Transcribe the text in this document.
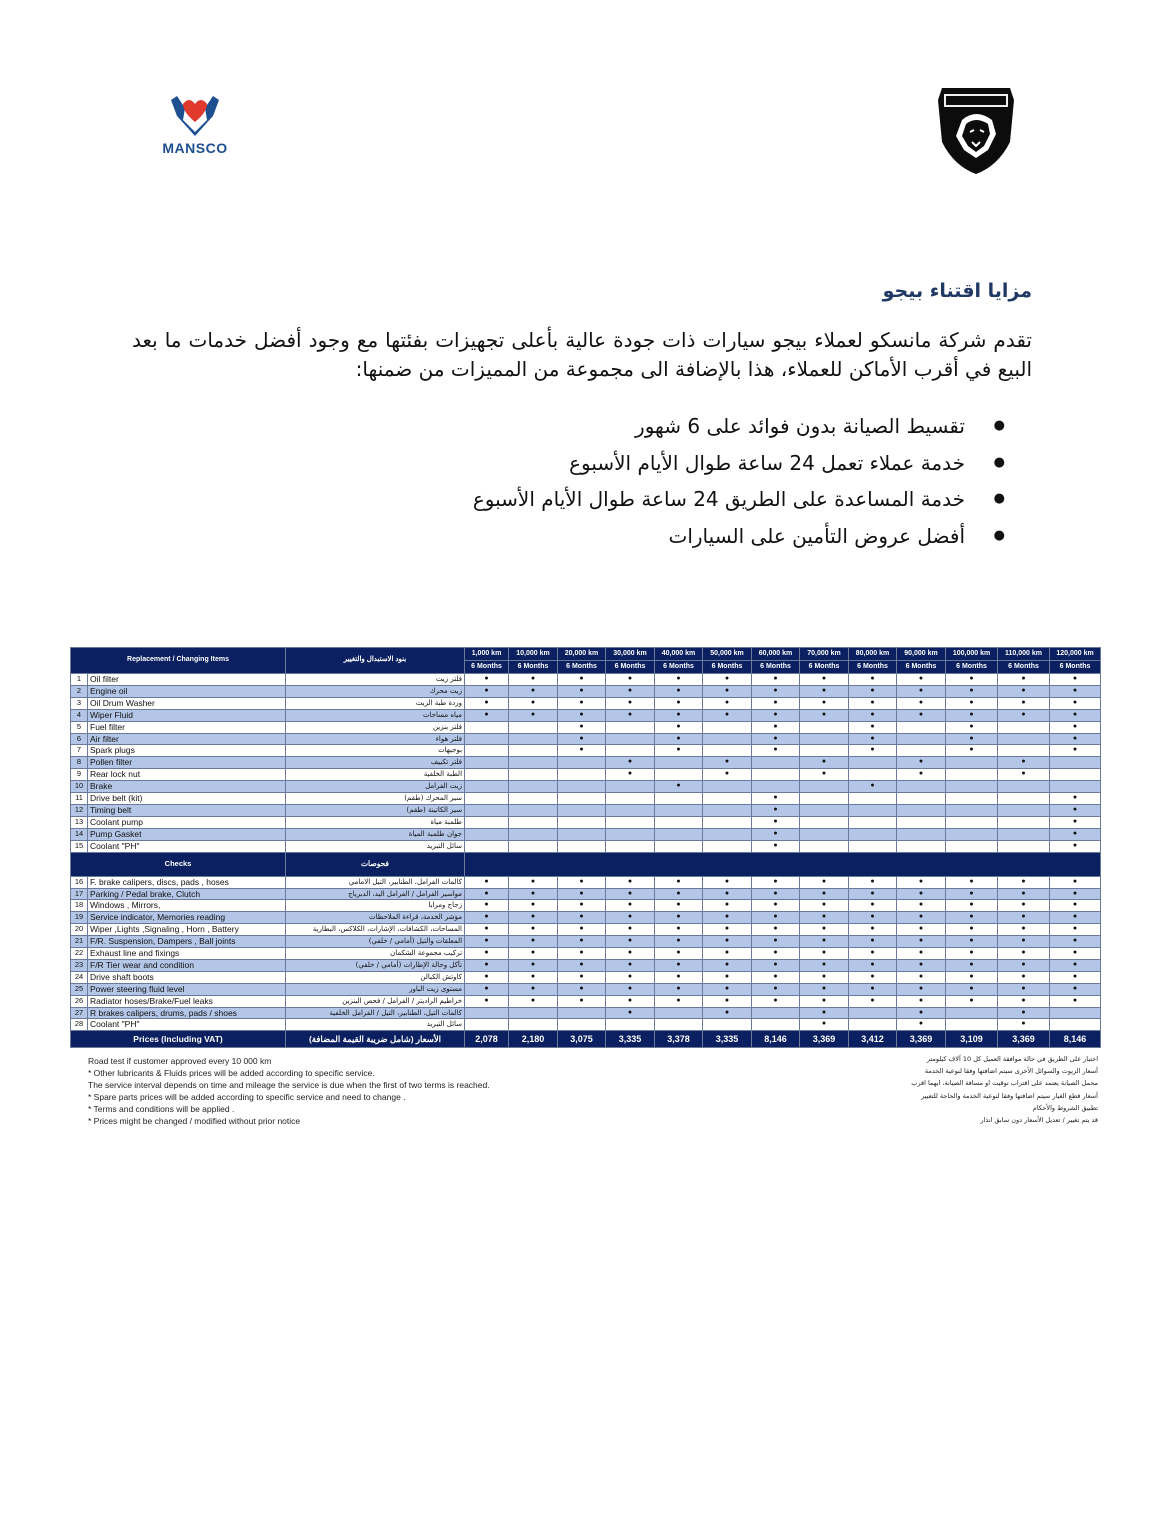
MANSCO
مزايا اقتناء بيجو

تقدم شركة مانسكو لعملاء بيجو سيارات ذات جودة عالية بأعلى تجهيزات بفئتها مع وجود أفضل خدمات ما بعد البيع في أقرب الأماكن للعملاء، هذا بالإضافة الى مجموعة من المميزات من ضمنها:

● تقسيط الصيانة بدون فوائد على 6 شهور
● خدمة عملاء تعمل 24 ساعة طوال الأيام الأسبوع
● خدمة المساعدة على الطريق 24 ساعة طوال الأيام الأسبوع
● أفضل عروض التأمين على السيارات
Replacement / Changing Items		بنود الاستبدال والتغيير	1,000 km	10,000 km	20,000 km	30,000 km	40,000 km	50,000 km	60,000 km	70,000 km	80,000 km	90,000 km	100,000 km	110,000 km	120,000 km
			6 Months	6 Months	6 Months	6 Months	6 Months	6 Months	6 Months	6 Months	6 Months	6 Months	6 Months	6 Months	6 Months
1	Oil filter	فلتر زيت	●	●	●	●	●	●	●	●	●	●	●	●	●
2	Engine oil	زيت محرك	●	●	●	●	●	●	●	●	●	●	●	●	●
3	Oil Drum Washer	وردة طبة الزيت	●	●	●	●	●	●	●	●	●	●	●	●	●
4	Wiper Fluid	مياه مساحات	●	●	●	●	●	●	●	●	●	●	●	●	●
5	Fuel filter	فلتر بنزين			●		●		●		●		●		●
6	Air filter	فلتر هواء			●		●		●		●		●		●
7	Spark plugs	بوجيهات			●		●		●		●		●		●
8	Pollen filter	فلتر تكييف				●		●		●		●		●	
9	Rear lock nut	الطبة الخلفية				●		●		●		●		●	
10	Brake	زيت الفرامل					●				●				
11	Drive belt (kit)	سير المحرك (طقم)							●						●
12	Timing belt	سير الكاتينة (طقم)							●						●
13	Coolant pump	طلمبة مياة							●						●
14	Pump Gasket	جوان طلمبة المياة							●						●
15	Coolant "PH"	سائل التبريد							●						●
Checks		فحوصات													
16	F. brake calipers, discs, pads , hoses	كالمات الفرامل، الطنابير، التيل الامامي	●	●	●	●	●	●	●	●	●	●	●	●	●
17	Parking / Pedal brake, Clutch	مواسير الفرامل / الفرامل اليد، الدبرياج	●	●	●	●	●	●	●	●	●	●	●	●	●
18	Windows , Mirrors,	زجاج ومرايا	●	●	●	●	●	●	●	●	●	●	●	●	●
19	Service indicator, Memories reading	مؤشر الخدمة، قراءة الملاحظات	●	●	●	●	●	●	●	●	●	●	●	●	●
20	Wiper ,Lights ,Signaling , Horn , Battery	المساحات، الكشافات، الإشارات، الكلاكس، البطارية	●	●	●	●	●	●	●	●	●	●	●	●	●
21	F/R. Suspension, Dampers , Ball joints	المعلقات والتيل (أمامي / خلفي)	●	●	●	●	●	●	●	●	●	●	●	●	●
22	Exhaust line and fixings	تركيب مجموعة الشكمان	●	●	●	●	●	●	●	●	●	●	●	●	●
23	F/R Tier wear and condition	تآكل وحالة الإطارات (أمامي / خلفي)	●	●	●	●	●	●	●	●	●	●	●	●	●
24	Drive shaft boots	كاوتش الكبالن	●	●	●	●	●	●	●	●	●	●	●	●	●
25	Power steering fluid level	مستوى زيت الباور	●	●	●	●	●	●	●	●	●	●	●	●	●
26	Radiator hoses/Brake/Fuel leaks	خراطيم الراديتر / الفرامل / فحص البنزين	●	●	●	●	●	●	●	●	●	●	●	●	●
27	R brakes calipers, drums, pads / shoes	كالمات التيل، الطنابير، التيل / الفرامل الخلفية				●		●		●		●		●	
28	Coolant "PH"	سائل التبريد								●		●		●	
Prices (Including VAT)		الأسعار (شامل ضريبة القيمة المضافة)	2,078	2,180	3,075	3,335	3,378	3,335	8,146	3,369	3,412	3,369	3,109	3,369	8,146
Road test if customer approved every 10 000 km
* Other lubricants & Fluids prices will be added according to specific service.
The service interval depends on time and mileage the service is due when the first of two terms is reached.
* Spare parts prices will be added according to specific service and need to change .
* Terms and conditions will be applied .
* Prices might be changed / modified without prior notice
اختبار على الطريق في حالة موافقة العميل كل 10 آلاف كيلومتر
أسعار الزيوت والسوائل الأخرى سيتم اضافتها وفقا لنوعية الخدمة
محمل الصيانة يعتمد على اقتراب توقيت او مسافة الصيانة، ايهما اقرب
أسعار قطع الغيار سيتم اضافتها وفقا لنوعية الخدمة والحاجة للتغيير
تطبيق الشروط والأحكام
قد يتم تغيير / تعديل الأسعار دون سابق انذار
